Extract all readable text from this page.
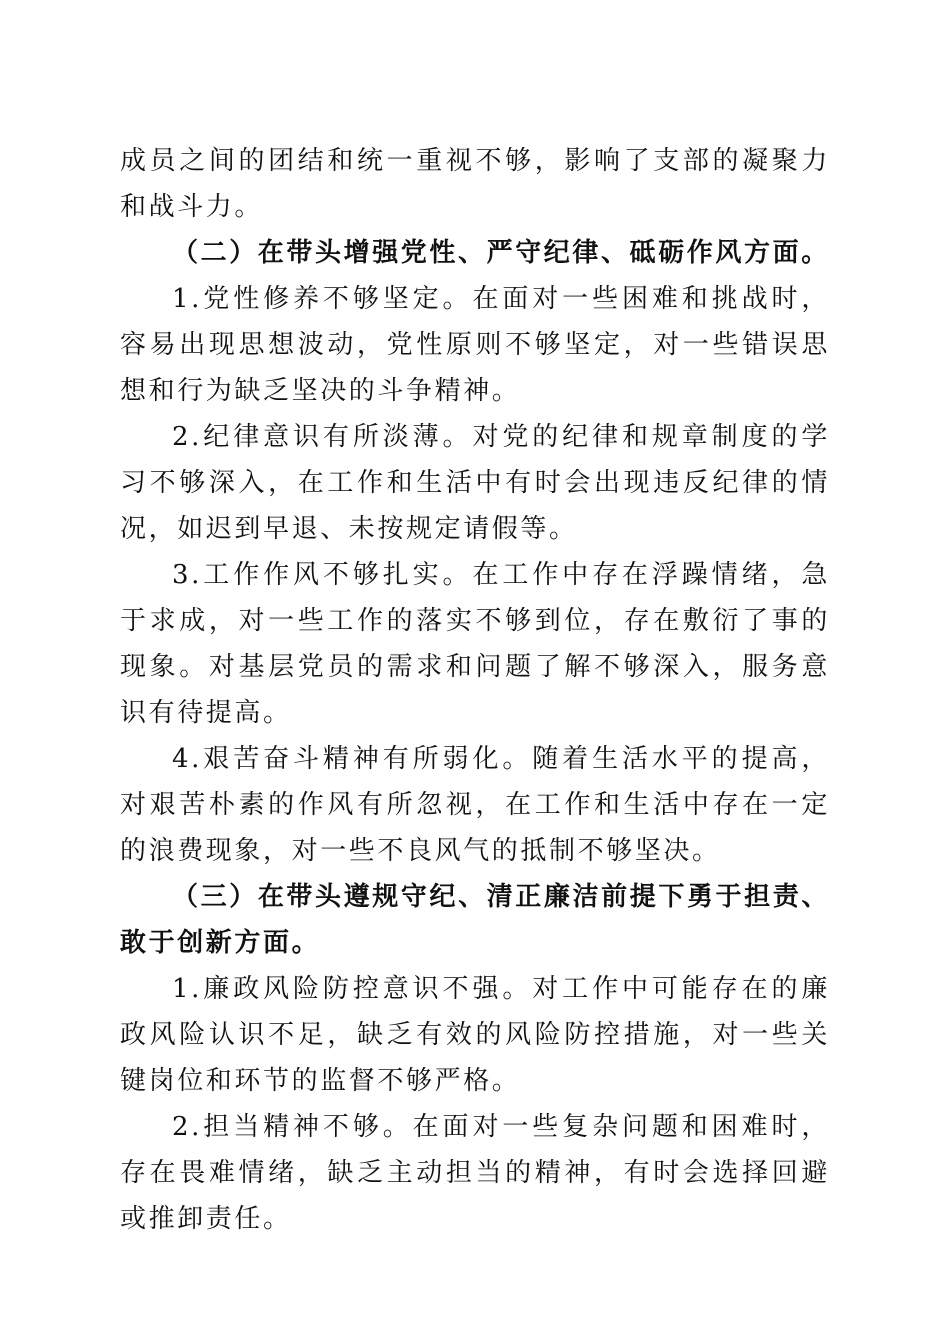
成员之间的团结和统一重视不够，影响了支部的凝聚力和战斗力。

（二）在带头增强党性、严守纪律、砥砺作风方面。

1.党性修养不够坚定。在面对一些困难和挑战时，容易出现思想波动，党性原则不够坚定，对一些错误思想和行为缺乏坚决的斗争精神。

2.纪律意识有所淡薄。对党的纪律和规章制度的学习不够深入，在工作和生活中有时会出现违反纪律的情况，如迟到早退、未按规定请假等。

3.工作作风不够扎实。在工作中存在浮躁情绪，急于求成，对一些工作的落实不够到位，存在敷衍了事的现象。对基层党员的需求和问题了解不够深入，服务意识有待提高。

4.艰苦奋斗精神有所弱化。随着生活水平的提高，对艰苦朴素的作风有所忽视，在工作和生活中存在一定的浪费现象，对一些不良风气的抵制不够坚决。

（三）在带头遵规守纪、清正廉洁前提下勇于担责、敢于创新方面。

1.廉政风险防控意识不强。对工作中可能存在的廉政风险认识不足，缺乏有效的风险防控措施，对一些关键岗位和环节的监督不够严格。

2.担当精神不够。在面对一些复杂问题和困难时，存在畏难情绪，缺乏主动担当的精神，有时会选择回避或推卸责任。
